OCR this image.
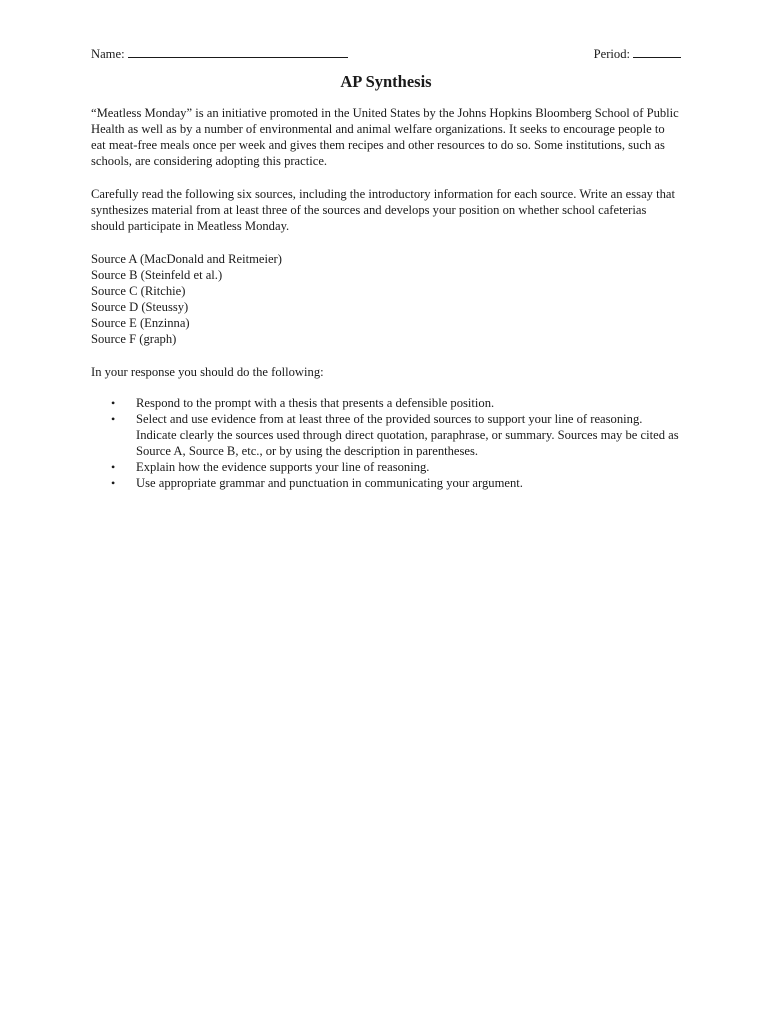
Name:	Period:
AP Synthesis

“Meatless Monday” is an initiative promoted in the United States by the Johns Hopkins Bloomberg School of Public Health as well as by a number of environmental and animal welfare organizations. It seeks to encourage people to eat meat-free meals once per week and gives them recipes and other resources to do so. Some institutions, such as schools, are considering adopting this practice.

Carefully read the following six sources, including the introductory information for each source. Write an essay that synthesizes material from at least three of the sources and develops your position on whether school cafeterias should participate in Meatless Monday.

Source A (MacDonald and Reitmeier)
Source B (Steinfeld et al.)
Source C (Ritchie)
Source D (Steussy)
Source E (Enzinna)
Source F (graph)

In your response you should do the following:

• Respond to the prompt with a thesis that presents a defensible position.
• Select and use evidence from at least three of the provided sources to support your line of reasoning. Indicate clearly the sources used through direct quotation, paraphrase, or summary. Sources may be cited as Source A, Source B, etc., or by using the description in parentheses.
• Explain how the evidence supports your line of reasoning.
• Use appropriate grammar and punctuation in communicating your argument.
